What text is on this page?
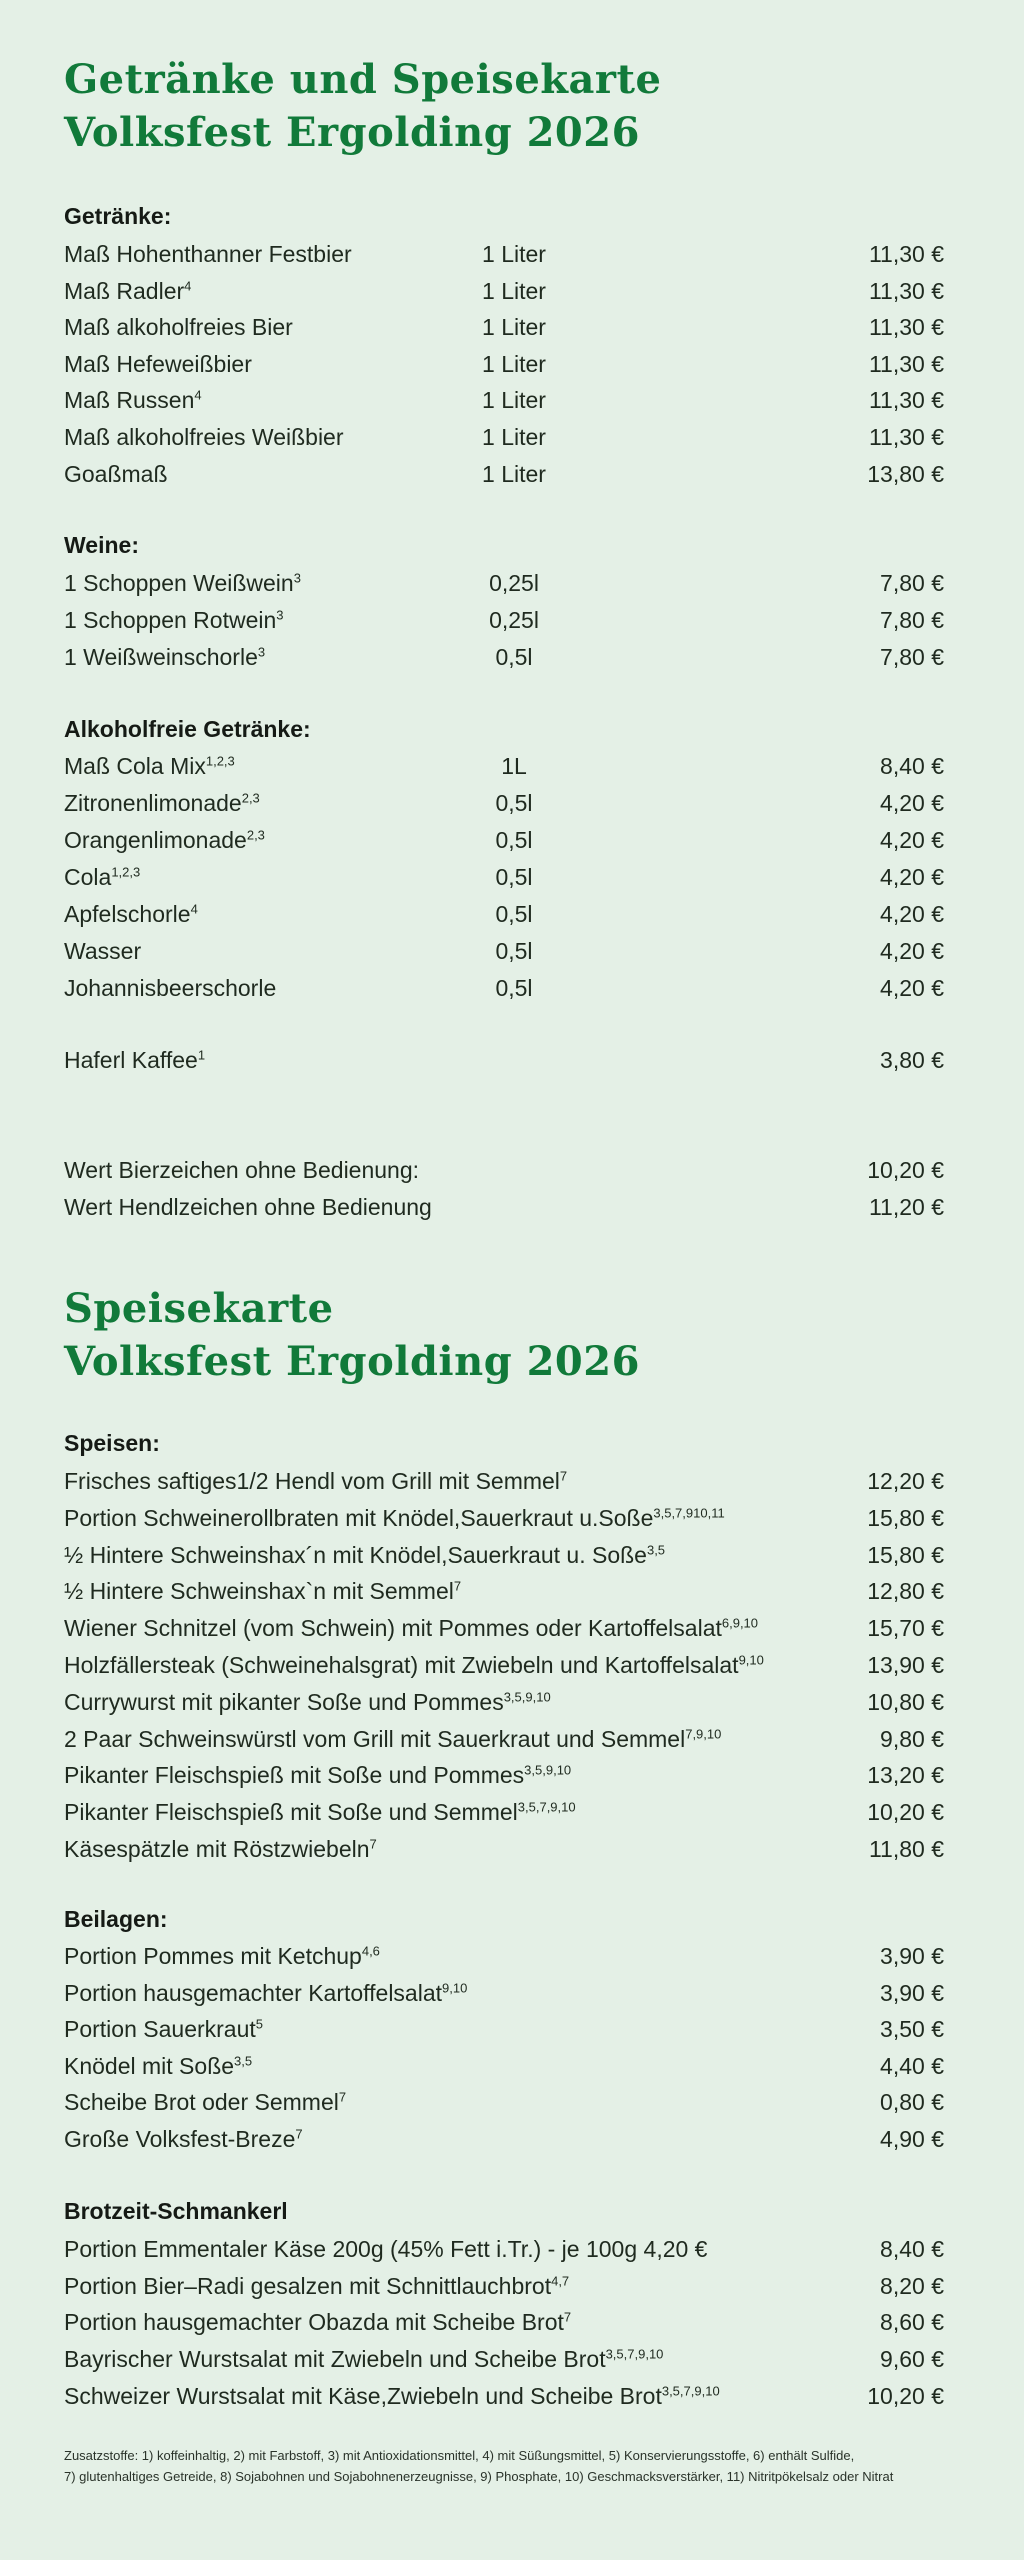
Getränke und Speisekarte
Volksfest Ergolding 2026
Getränke:
Maß Hohenthanner Festbier	1 Liter	11,30 €
Maß Radler$^4$	1 Liter	11,30 €
Maß alkoholfreies Bier	1 Liter	11,30 €
Maß Hefeweißbier	1 Liter	11,30 €
Maß Russen$^4$	1 Liter	11,30 €
Maß alkoholfreies Weißbier	1 Liter	11,30 €
Goaßmaß	1 Liter	13,80 €
Weine:
1 Schoppen Weißwein$^3$	0,25l	7,80 €
1 Schoppen Rotwein$^3$	0,25l	7,80 €
1 Weißweinschorle$^3$	0,5l	7,80 €
Alkoholfreie Getränke:
Maß Cola Mix$^{1,2,3}$	1L	8,40 €
Zitronenlimonade$^{2,3}$	0,5l	4,20 €
Orangenlimonade$^{2,3}$	0,5l	4,20 €
Cola$^{1,2,3}$	0,5l	4,20 €
Apfelschorle$^4$	0,5l	4,20 €
Wasser	0,5l	4,20 €
Johannisbeerschorle	0,5l	4,20 €
Haferl Kaffee$^1$	3,80 €
Wert Bierzeichen ohne Bedienung:	10,20 €
Wert Hendlzeichen ohne Bedienung	11,20 €
Speisekarte
Volksfest Ergolding 2026
Speisen:
Frisches saftiges1/2 Hendl vom Grill mit Semmel$^7$	12,20 €
Portion Schweinerollbraten mit Knödel,Sauerkraut u.Soße$^{3,5,7,910,11}$	15,80 €
½ Hintere Schweinshax´n mit Knödel,Sauerkraut u. Soße$^{3,5}$	15,80 €
½ Hintere Schweinshax`n mit Semmel$^7$	12,80 €
Wiener Schnitzel (vom Schwein) mit Pommes oder Kartoffelsalat$^{6,9,10}$	15,70 €
Holzfällersteak (Schweinehalsgrat) mit Zwiebeln und Kartoffelsalat$^{9,10}$	13,90 €
Currywurst mit pikanter Soße und Pommes$^{3,5,9,10}$	10,80 €
2 Paar Schweinswürstl vom Grill mit Sauerkraut und Semmel$^{7,9,10}$	9,80 €
Pikanter Fleischspieß mit Soße und Pommes$^{3,5,9,10}$	13,20 €
Pikanter Fleischspieß mit Soße und Semmel$^{3,5,7,9,10}$	10,20 €
Käsespätzle mit Röstzwiebeln$^7$	11,80 €
Beilagen:
Portion Pommes mit Ketchup$^{4,6}$	3,90 €
Portion hausgemachter Kartoffelsalat$^{9,10}$	3,90 €
Portion Sauerkraut$^5$	3,50 €
Knödel mit Soße$^{3,5}$	4,40 €
Scheibe Brot oder Semmel$^7$	0,80 €
Große Volksfest-Breze$^7$	4,90 €
Brotzeit-Schmankerl
Portion Emmentaler Käse 200g (45% Fett i.Tr.) - je 100g 4,20 €	8,40 €
Portion Bier–Radi gesalzen mit Schnittlauchbrot$^{4,7}$	8,20 €
Portion hausgemachter Obazda mit Scheibe Brot$^7$	8,60 €
Bayrischer Wurstsalat mit Zwiebeln und Scheibe Brot$^{3,5,7,9,10}$	9,60 €
Schweizer Wurstsalat mit Käse,Zwiebeln und Scheibe Brot$^{3,5,7,9,10}$	10,20 €
Zusatzstoffe: 1) koffeinhaltig, 2) mit Farbstoff, 3) mit Antioxidationsmittel, 4) mit Süßungsmittel, 5) Konservierungsstoffe, 6) enthält Sulfide,
7) glutenhaltiges Getreide, 8) Sojabohnen und Sojabohnenerzeugnisse, 9) Phosphate, 10) Geschmacksverstärker, 11) Nitritpökelsalz oder Nitrat
